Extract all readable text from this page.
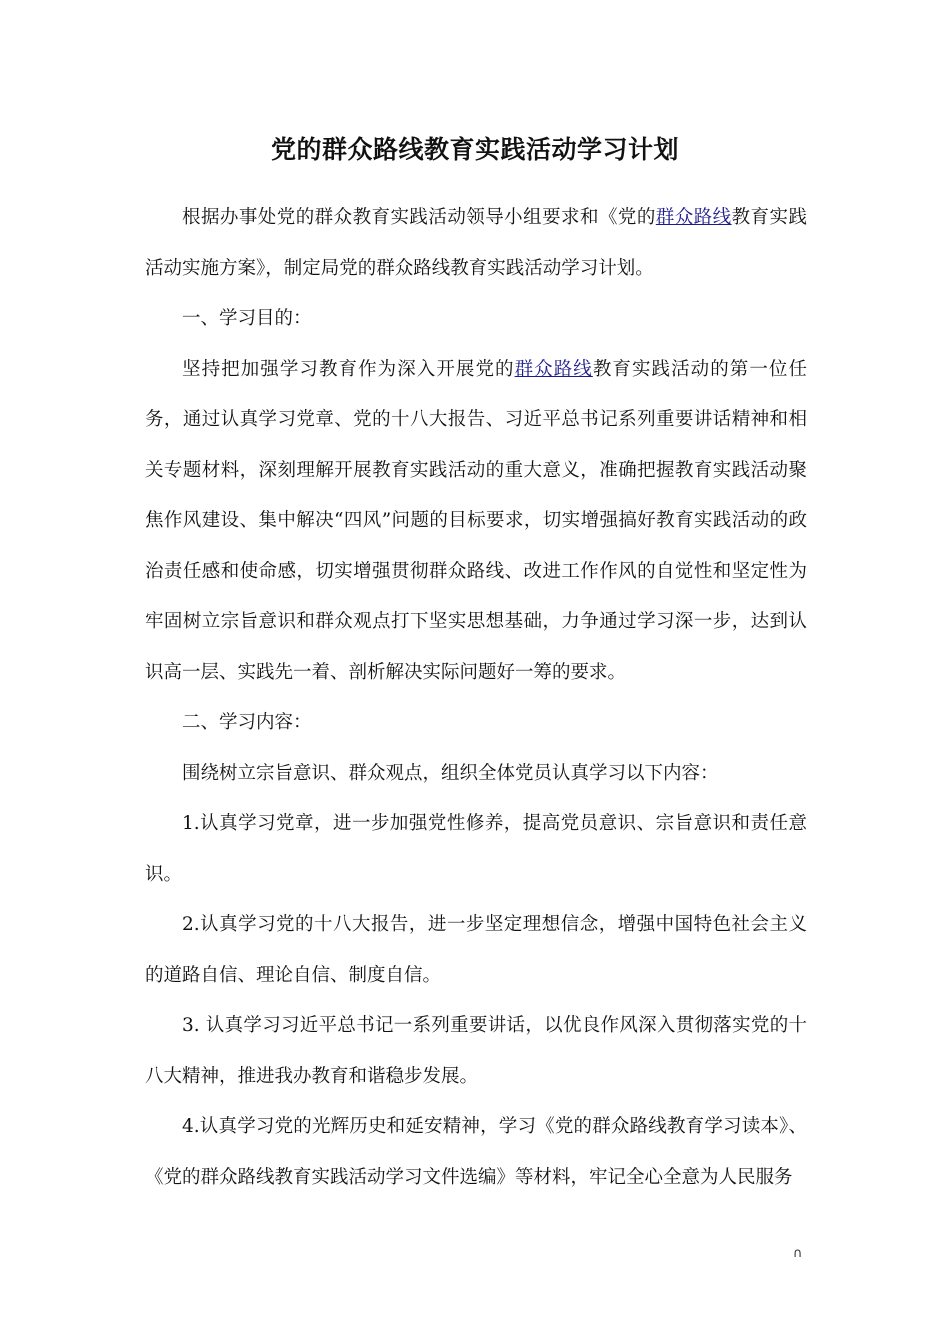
党的群众路线教育实践活动学习计划

根据办事处党的群众教育实践活动领导小组要求和《党的群众路线教育实践活动实施方案》，制定局党的群众路线教育实践活动学习计划。

一、学习目的：

坚持把加强学习教育作为深入开展党的群众路线教育实践活动的第一位任务，通过认真学习党章、党的十八大报告、习近平总书记系列重要讲话精神和相关专题材料，深刻理解开展教育实践活动的重大意义，准确把握教育实践活动聚焦作风建设、集中解决“四风”问题的目标要求，切实增强搞好教育实践活动的政治责任感和使命感，切实增强贯彻群众路线、改进工作作风的自觉性和坚定性为牢固树立宗旨意识和群众观点打下坚实思想基础，力争通过学习深一步，达到认识高一层、实践先一着、剖析解决实际问题好一筹的要求。

二、学习内容：

围绕树立宗旨意识、群众观点，组织全体党员认真学习以下内容：

1.认真学习党章，进一步加强党性修养，提高党员意识、宗旨意识和责任意识。

2.认真学习党的十八大报告，进一步坚定理想信念，增强中国特色社会主义的道路自信、理论自信、制度自信。

3. 认真学习习近平总书记一系列重要讲话，以优良作风深入贯彻落实党的十八大精神，推进我办教育和谐稳步发展。

4.认真学习党的光辉历史和延安精神，学习《党的群众路线教育学习读本》、《党的群众路线教育实践活动学习文件选编》等材料，牢记全心全意为人民服务

∩
